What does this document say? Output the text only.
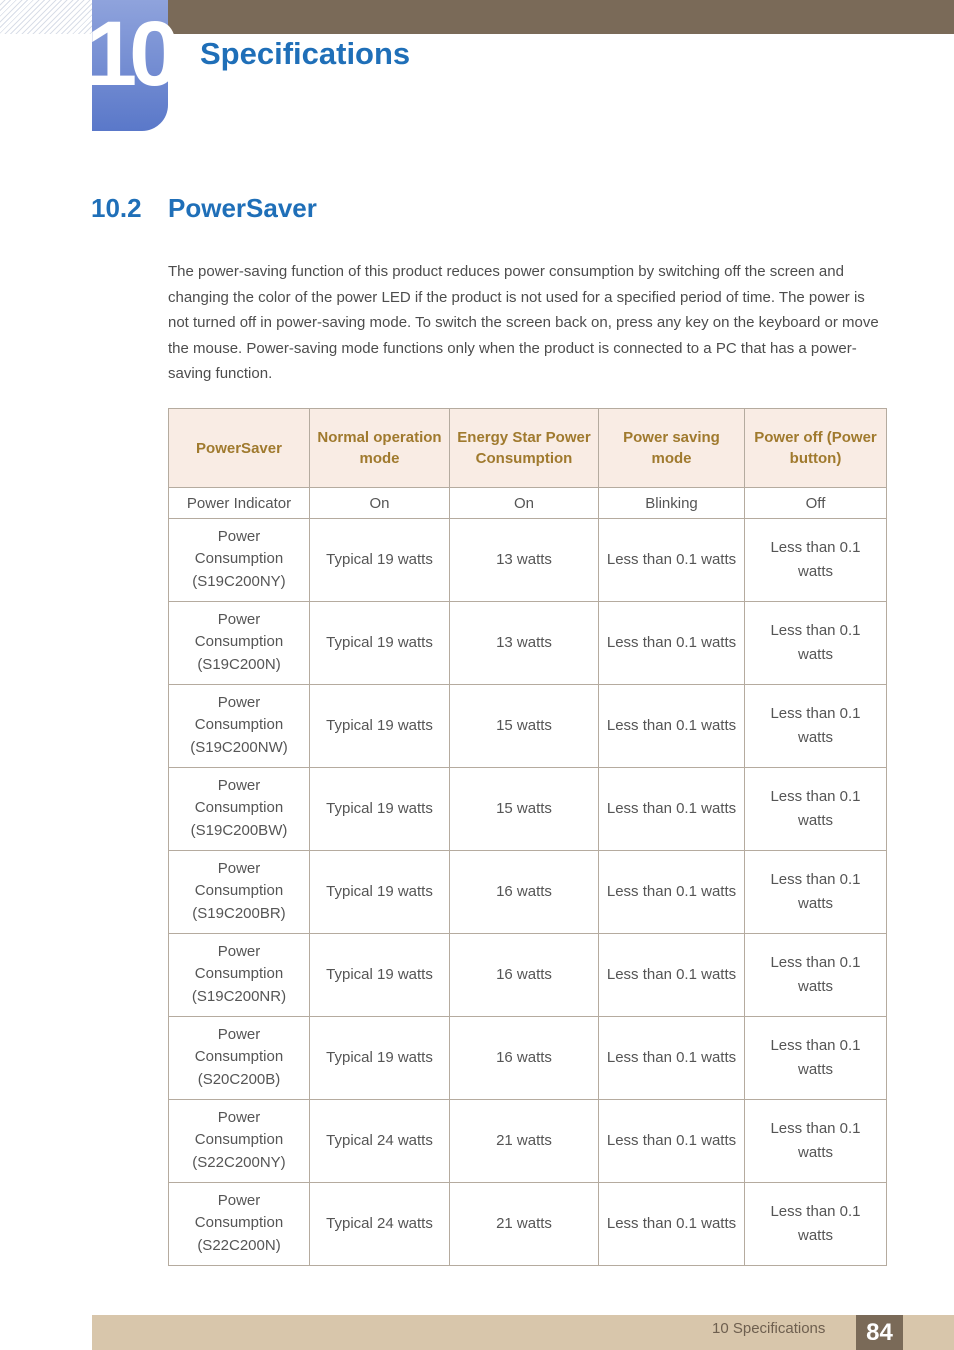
10 Specifications
10.2 PowerSaver

The power-saving function of this product reduces power consumption by switching off the screen and changing the color of the power LED if the product is not used for a specified period of time. The power is not turned off in power-saving mode. To switch the screen back on, press any key on the keyboard or move the mouse. Power-saving mode functions only when the product is connected to a PC that has a power-saving function.

PowerSaver	Normal operation mode	Energy Star Power Consumption	Power saving mode	Power off (Power button)
Power Indicator	On	On	Blinking	Off

Power Consumption
(S19C200NY)	Typical 19 watts	13 watts	Less than 0.1 watts	Less than 0.1 watts

Power Consumption
(S19C200N)	Typical 19 watts	13 watts	Less than 0.1 watts	Less than 0.1 watts

Power Consumption
(S19C200NW)	Typical 19 watts	15 watts	Less than 0.1 watts	Less than 0.1 watts

Power Consumption
(S19C200BW)	Typical 19 watts	15 watts	Less than 0.1 watts	Less than 0.1 watts

Power Consumption
(S19C200BR)	Typical 19 watts	16 watts	Less than 0.1 watts	Less than 0.1 watts

Power Consumption
(S19C200NR)	Typical 19 watts	16 watts	Less than 0.1 watts	Less than 0.1 watts

Power Consumption
(S20C200B)	Typical 19 watts	16 watts	Less than 0.1 watts	Less than 0.1 watts

Power Consumption
(S22C200NY)	Typical 24 watts	21 watts	Less than 0.1 watts	Less than 0.1 watts

Power Consumption
(S22C200N)	Typical 24 watts	21 watts	Less than 0.1 watts	Less than 0.1 watts
10 Specifications	84
